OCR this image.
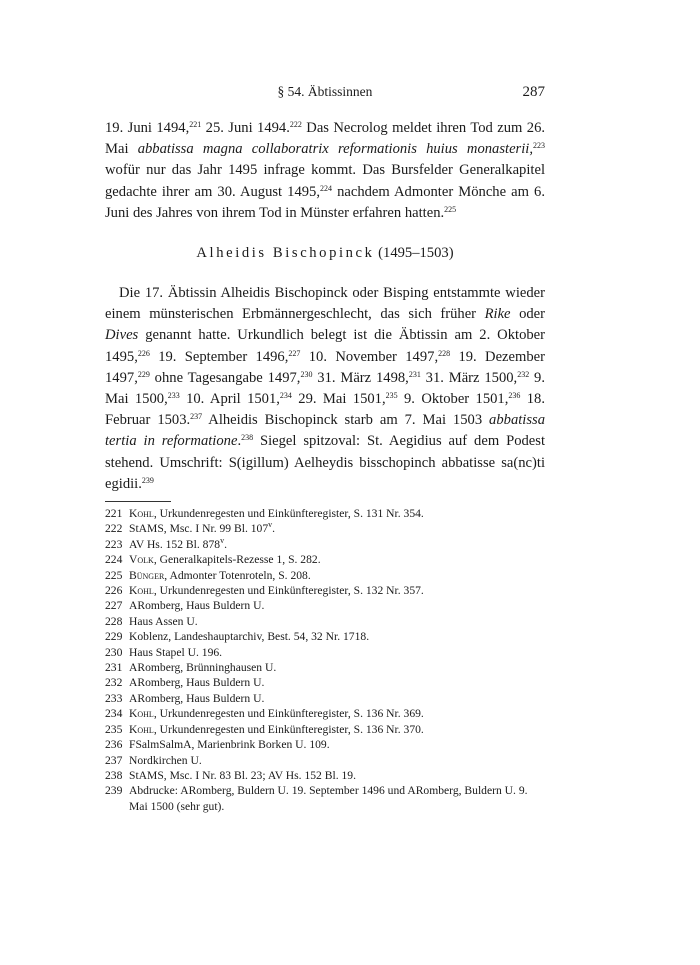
§ 54. Äbtissinnen	287

19. Juni 1494,$^{221}$ 25. Juni 1494.$^{222}$ Das Necrolog meldet ihren Tod zum 26. Mai abbatissa magna collaboratrix reformationis huius monasterii,$^{223}$ wofür nur das Jahr 1495 infrage kommt. Das Bursfelder Generalkapitel gedachte ihrer am 30. August 1495,$^{224}$ nachdem Admonter Mönche am 6. Juni des Jahres von ihrem Tod in Münster erfahren hatten.$^{225}$

Alheidis Bischopinck (1495–1503)

Die 17. Äbtissin Alheidis Bischopinck oder Bisping entstammte wieder einem münsterischen Erbmännergeschlecht, das sich früher Rike oder Dives genannt hatte. Urkundlich belegt ist die Äbtissin am 2. Oktober 1495,$^{226}$ 19. September 1496,$^{227}$ 10. November 1497,$^{228}$ 19. Dezember 1497,$^{229}$ ohne Tagesangabe 1497,$^{230}$ 31. März 1498,$^{231}$ 31. März 1500,$^{232}$ 9. Mai 1500,$^{233}$ 10. April 1501,$^{234}$ 29. Mai 1501,$^{235}$ 9. Oktober 1501,$^{236}$ 18. Februar 1503.$^{237}$ Alheidis Bischopinck starb am 7. Mai 1503 abbatissa tertia in reformatione.$^{238}$ Siegel spitzoval: St. Aegidius auf dem Podest stehend. Umschrift: S(igillum) Aelheydis bisschopinch abbatisse sa(nc)ti egidii.$^{239}$

221 Kohl, Urkundenregesten und Einkünfteregister, S. 131 Nr. 354.
222 StAMS, Msc. I Nr. 99 Bl. 107$^v$.
223 AV Hs. 152 Bl. 878$^v$.
224 Volk, Generalkapitels-Rezesse 1, S. 282.
225 Bünger, Admonter Totenroteln, S. 208.
226 Kohl, Urkundenregesten und Einkünfteregister, S. 132 Nr. 357.
227 ARomberg, Haus Buldern U.
228 Haus Assen U.
229 Koblenz, Landeshauptarchiv, Best. 54, 32 Nr. 1718.
230 Haus Stapel U. 196.
231 ARomberg, Brünninghausen U.
232 ARomberg, Haus Buldern U.
233 ARomberg, Haus Buldern U.
234 Kohl, Urkundenregesten und Einkünfteregister, S. 136 Nr. 369.
235 Kohl, Urkundenregesten und Einkünfteregister, S. 136 Nr. 370.
236 FSalmSalmA, Marienbrink Borken U. 109.
237 Nordkirchen U.
238 StAMS, Msc. I Nr. 83 Bl. 23; AV Hs. 152 Bl. 19.
239 Abdrucke: ARomberg, Buldern U. 19. September 1496 und ARomberg, Buldern U. 9. Mai 1500 (sehr gut).
